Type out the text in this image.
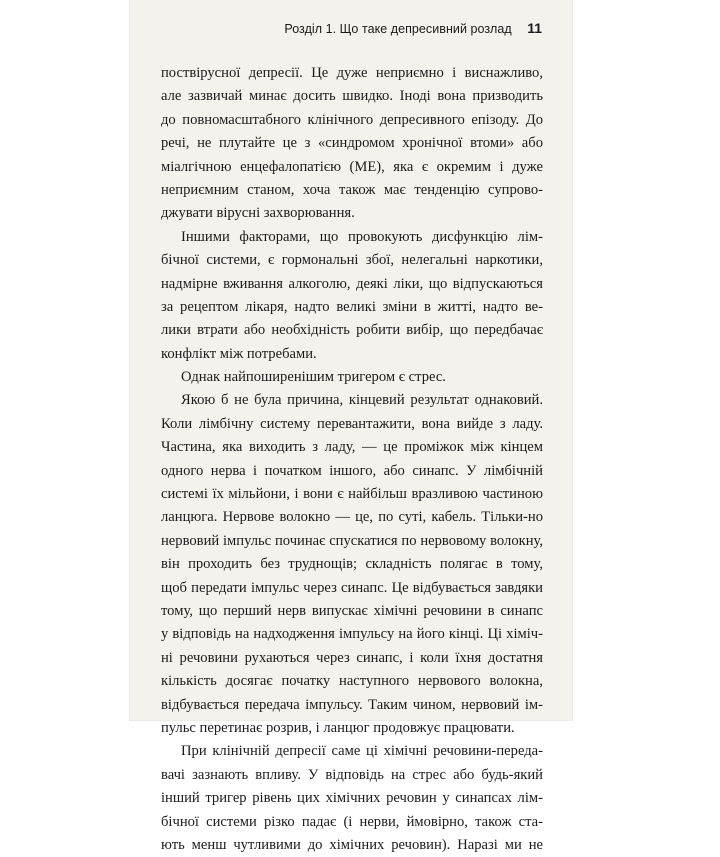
Розділ 1. Що таке депресивний розлад 11
поствірусної депресії. Це дуже неприємно і виснажливо,
але зазвичай минає досить швидко. Іноді вона призводить
до повномасштабного клінічного депресивного епізоду. До
речі, не плутайте це з «синдромом хронічної втоми» або
міалгічною енцефалопатією (МЕ), яка є окремим і дуже
неприємним станом, хоча також має тенденцію супрово-
джувати вірусні захворювання.
Іншими факторами, що провокують дисфункцію лім-
бічної системи, є гормональні збої, нелегальні наркотики,
надмірне вживання алкоголю, деякі ліки, що відпускаються
за рецептом лікаря, надто великі зміни в житті, надто ве-
лики втрати або необхідність робити вибір, що передбачає
конфлікт між потребами.
Однак найпоширенішим тригером є стрес.
Якою б не була причина, кінцевий результат однаковий.
Коли лімбічну систему перевантажити, вона вийде з ладу.
Частина, яка виходить з ладу, — це проміжок між кінцем
одного нерва і початком іншого, або синапс. У лімбічній
системі їх мільйони, і вони є найбільш вразливою частиною
ланцюга. Нервове волокно — це, по суті, кабель. Тільки-но
нервовий імпульс починає спускатися по нервовому волокну,
він проходить без труднощів; складність полягає в тому,
щоб передати імпульс через синапс. Це відбувається завдяки
тому, що перший нерв випускає хімічні речовини в синапс
у відповідь на надходження імпульсу на його кінці. Ці хіміч-
ні речовини рухаються через синапс, і коли їхня достатня
кількість досягає початку наступного нервового волокна,
відбувається передача імпульсу. Таким чином, нервовий ім-
пульс перетинає розрив, і ланцюг продовжує працювати.
При клінічній депресії саме ці хімічні речовини-переда-
вачі зазнають впливу. У відповідь на стрес або будь-який
інший тригер рівень цих хімічних речовин у синапсах лім-
бічної системи різко падає (і нерви, ймовірно, також ста-
ють менш чутливими до хімічних речовин). Наразі ми не
